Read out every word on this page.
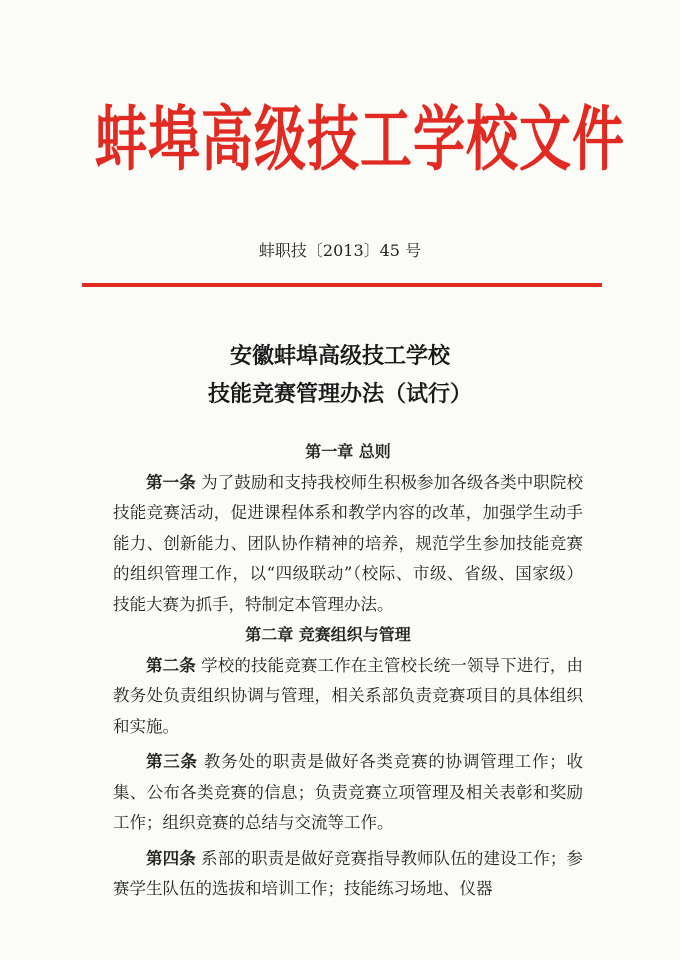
蚌埠高级技工学校文件
蚌职技〔2013〕45 号
安徽蚌埠高级技工学校
技能竞赛管理办法（试行）

第一章 总则

第一条 为了鼓励和支持我校师生积极参加各级各类中职院校技能竞赛活动，促进课程体系和教学内容的改革，加强学生动手能力、创新能力、团队协作精神的培养，规范学生参加技能竞赛的组织管理工作，以“四级联动”（校际、市级、省级、国家级）技能大赛为抓手，特制定本管理办法。

第二章 竞赛组织与管理

第二条 学校的技能竞赛工作在主管校长统一领导下进行，由教务处负责组织协调与管理，相关系部负责竞赛项目的具体组织和实施。

第三条 教务处的职责是做好各类竞赛的协调管理工作；收集、公布各类竞赛的信息；负责竞赛立项管理及相关表彰和奖励工作；组织竞赛的总结与交流等工作。

第四条 系部的职责是做好竞赛指导教师队伍的建设工作；参赛学生队伍的选拔和培训工作；技能练习场地、仪器
